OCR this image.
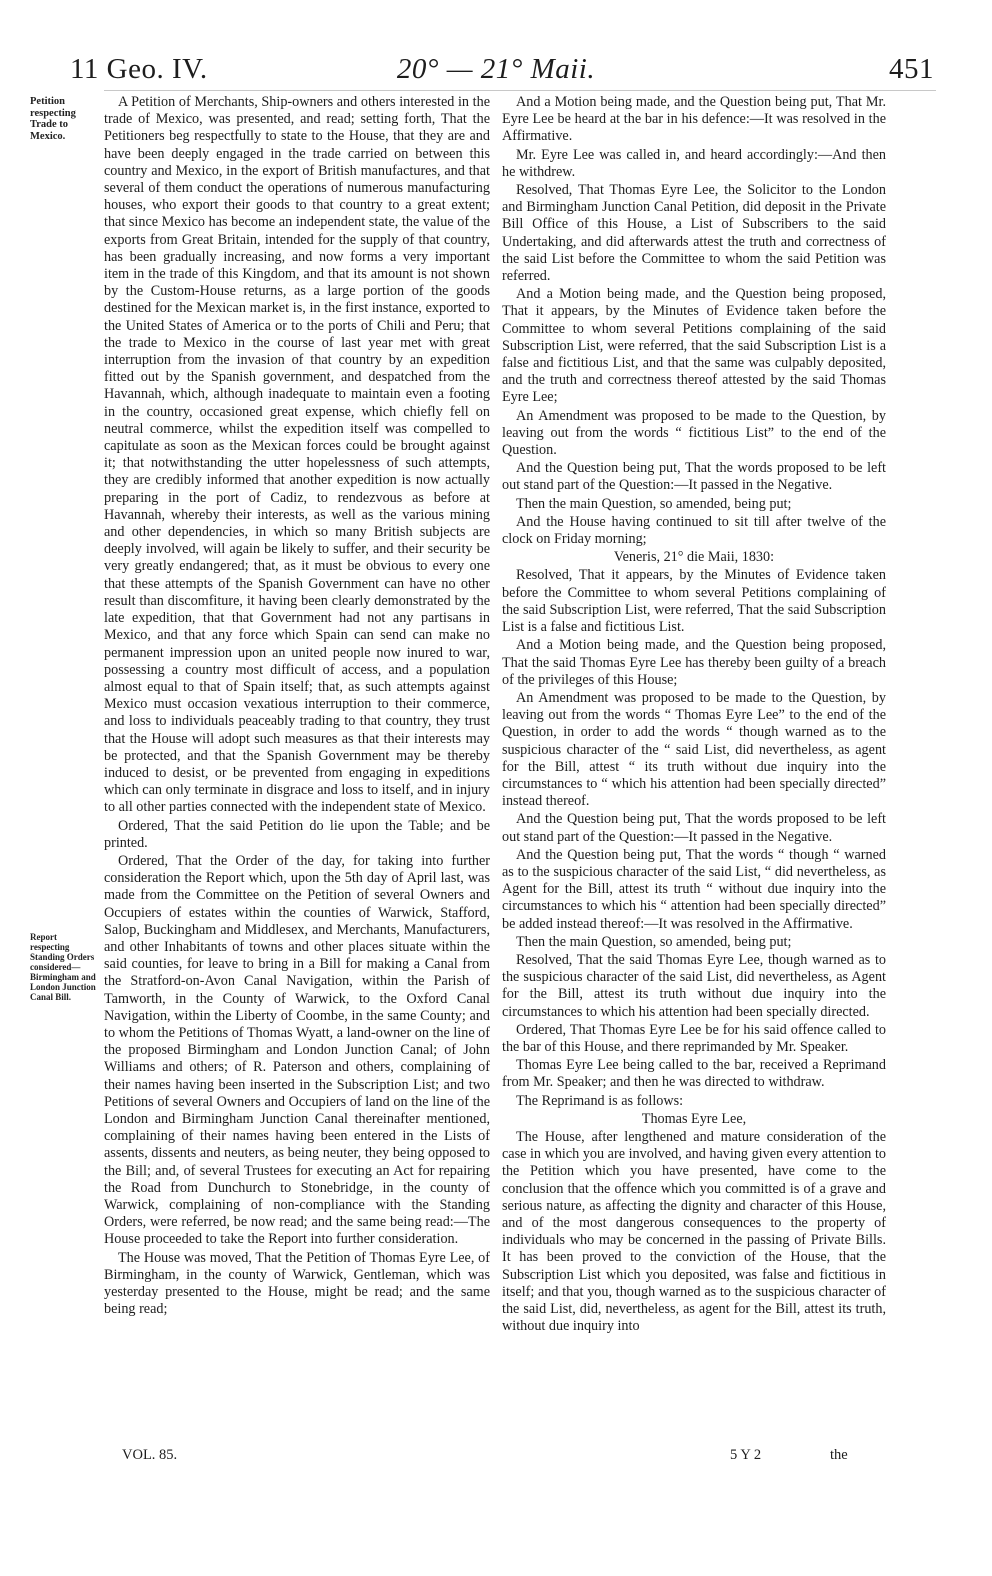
11 Geo. IV.	20° — 21° Maii.	451
Petition respecting Trade to Mexico.
Report respecting Standing Orders considered—Birmingham and London Junction Canal Bill.

A Petition of Merchants, Ship-owners and others interested in the trade of Mexico, was presented, and read; setting forth, That the Petitioners beg respectfully to state to the House, that they are and have been deeply engaged in the trade carried on between this country and Mexico, in the export of British manufactures, and that several of them conduct the operations of numerous manufacturing houses, who export their goods to that country to a great extent; that since Mexico has become an independent state, the value of the exports from Great Britain, intended for the supply of that country, has been gradually increasing, and now forms a very important item in the trade of this Kingdom, and that its amount is not shown by the Custom-House returns, as a large portion of the goods destined for the Mexican market is, in the first instance, exported to the United States of America or to the ports of Chili and Peru; that the trade to Mexico in the course of last year met with great interruption from the invasion of that country by an expedition fitted out by the Spanish government, and despatched from the Havannah, which, although inadequate to maintain even a footing in the country, occasioned great expense, which chiefly fell on neutral commerce, whilst the expedition itself was compelled to capitulate as soon as the Mexican forces could be brought against it; that notwithstanding the utter hopelessness of such attempts, they are credibly informed that another expedition is now actually preparing in the port of Cadiz, to rendezvous as before at Havannah, whereby their interests, as well as the various mining and other dependencies, in which so many British subjects are deeply involved, will again be likely to suffer, and their security be very greatly endangered; that, as it must be obvious to every one that these attempts of the Spanish Government can have no other result than discomfiture, it having been clearly demonstrated by the late expedition, that that Government had not any partisans in Mexico, and that any force which Spain can send can make no permanent impression upon an united people now inured to war, possessing a country most difficult of access, and a population almost equal to that of Spain itself; that, as such attempts against Mexico must occasion vexatious interruption to their commerce, and loss to individuals peaceably trading to that country, they trust that the House will adopt such measures as that their interests may be protected, and that the Spanish Government may be thereby induced to desist, or be prevented from engaging in expeditions which can only terminate in disgrace and loss to itself, and in injury to all other parties connected with the independent state of Mexico.

Ordered, That the said Petition do lie upon the Table; and be printed.

Ordered, That the Order of the day, for taking into further consideration the Report which, upon the 5th day of April last, was made from the Committee on the Petition of several Owners and Occupiers of estates within the counties of Warwick, Stafford, Salop, Buckingham and Middlesex, and Merchants, Manufacturers, and other Inhabitants of towns and other places situate within the said counties, for leave to bring in a Bill for making a Canal from the Stratford-on-Avon Canal Navigation, within the Parish of Tamworth, in the County of Warwick, to the Oxford Canal Navigation, within the Liberty of Coombe, in the same County; and to whom the Petitions of Thomas Wyatt, a land-owner on the line of the proposed Birmingham and London Junction Canal; of John Williams and others; of R. Paterson and others, complaining of their names having been inserted in the Subscription List; and two Petitions of several Owners and Occupiers of land on the line of the London and Birmingham Junction Canal thereinafter mentioned, complaining of their names having been entered in the Lists of assents, dissents and neuters, as being neuter, they being opposed to the Bill; and, of several Trustees for executing an Act for repairing the Road from Dunchurch to Stonebridge, in the county of Warwick, complaining of non-compliance with the Standing Orders, were referred, be now read; and the same being read:—The House proceeded to take the Report into further consideration.

The House was moved, That the Petition of Thomas Eyre Lee, of Birmingham, in the county of Warwick, Gentleman, which was yesterday presented to the House, might be read; and the same being read;

And a Motion being made, and the Question being put, That Mr. Eyre Lee be heard at the bar in his defence:—It was resolved in the Affirmative.

Mr. Eyre Lee was called in, and heard accordingly:—And then he withdrew.

Resolved, That Thomas Eyre Lee, the Solicitor to the London and Birmingham Junction Canal Petition, did deposit in the Private Bill Office of this House, a List of Subscribers to the said Undertaking, and did afterwards attest the truth and correctness of the said List before the Committee to whom the said Petition was referred.

And a Motion being made, and the Question being proposed, That it appears, by the Minutes of Evidence taken before the Committee to whom several Petitions complaining of the said Subscription List, were referred, that the said Subscription List is a false and fictitious List, and that the same was culpably deposited, and the truth and correctness thereof attested by the said Thomas Eyre Lee;

An Amendment was proposed to be made to the Question, by leaving out from the words “ fictitious List” to the end of the Question.

And the Question being put, That the words proposed to be left out stand part of the Question:—It passed in the Negative.

Then the main Question, so amended, being put;

And the House having continued to sit till after twelve of the clock on Friday morning;

Veneris, 21° die Maii, 1830:

Resolved, That it appears, by the Minutes of Evidence taken before the Committee to whom several Petitions complaining of the said Subscription List, were referred, That the said Subscription List is a false and fictitious List.

And a Motion being made, and the Question being proposed, That the said Thomas Eyre Lee has thereby been guilty of a breach of the privileges of this House;

An Amendment was proposed to be made to the Question, by leaving out from the words “ Thomas Eyre Lee” to the end of the Question, in order to add the words “ though warned as to the suspicious character of the “ said List, did nevertheless, as agent for the Bill, attest “ its truth without due inquiry into the circumstances to “ which his attention had been specially directed” instead thereof.

And the Question being put, That the words proposed to be left out stand part of the Question:—It passed in the Negative.

And the Question being put, That the words “ though “ warned as to the suspicious character of the said List, “ did nevertheless, as Agent for the Bill, attest its truth “ without due inquiry into the circumstances to which his “ attention had been specially directed” be added instead thereof:—It was resolved in the Affirmative.

Then the main Question, so amended, being put;

Resolved, That the said Thomas Eyre Lee, though warned as to the suspicious character of the said List, did nevertheless, as Agent for the Bill, attest its truth without due inquiry into the circumstances to which his attention had been specially directed.

Ordered, That Thomas Eyre Lee be for his said offence called to the bar of this House, and there reprimanded by Mr. Speaker.

Thomas Eyre Lee being called to the bar, received a Reprimand from Mr. Speaker; and then he was directed to withdraw.

The Reprimand is as follows:

Thomas Eyre Lee,

The House, after lengthened and mature consideration of the case in which you are involved, and having given every attention to the Petition which you have presented, have come to the conclusion that the offence which you committed is of a grave and serious nature, as affecting the dignity and character of this House, and of the most dangerous consequences to the property of individuals who may be concerned in the passing of Private Bills. It has been proved to the conviction of the House, that the Subscription List which you deposited, was false and fictitious in itself; and that you, though warned as to the suspicious character of the said List, did, nevertheless, as agent for the Bill, attest its truth, without due inquiry into

VOL. 85.	5 Y 2	the
